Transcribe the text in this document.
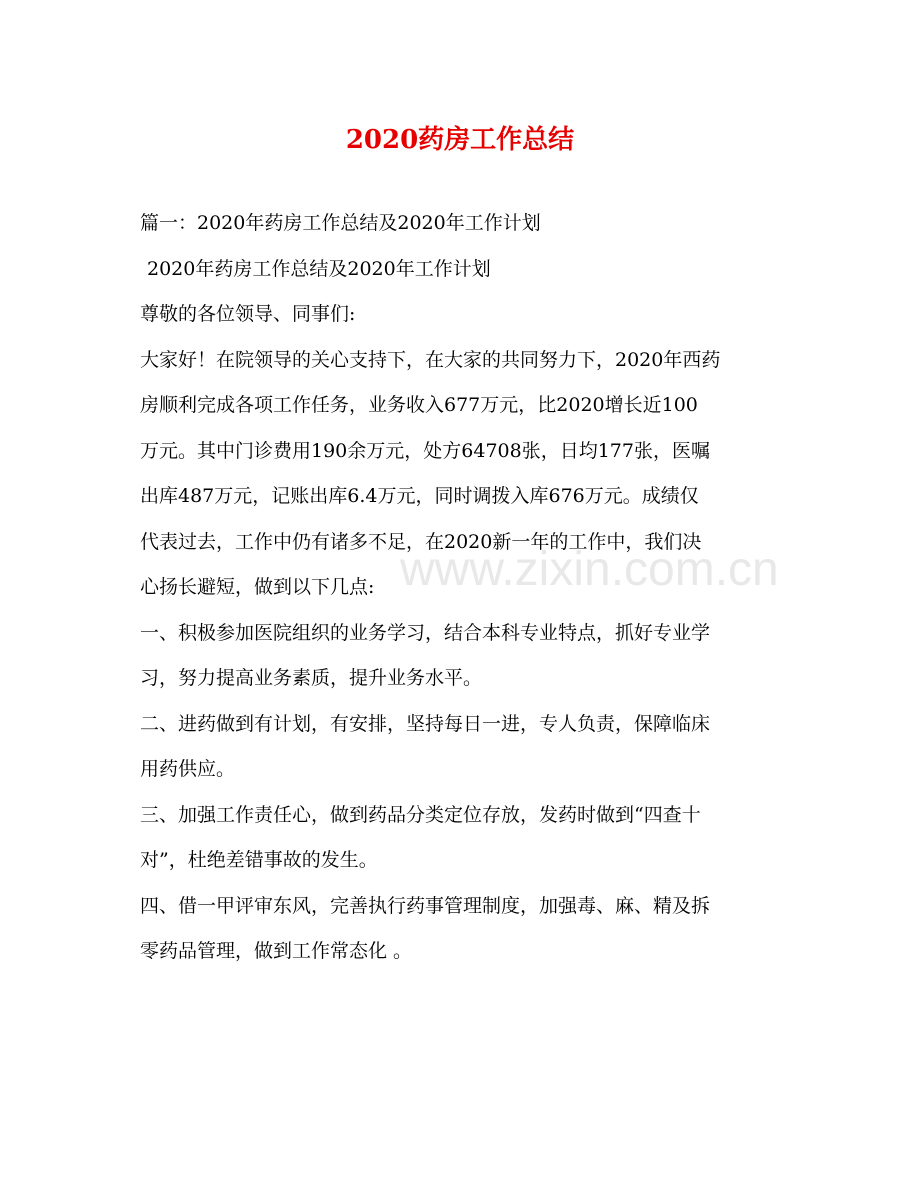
2020药房工作总结

篇一：2020年药房工作总结及2020年工作计划

2020年药房工作总结及2020年工作计划

尊敬的各位领导、同事们:

大家好！在院领导的关心支持下，在大家的共同努力下，2020年西药

房顺利完成各项工作任务，业务收入677万元，比2020增长近100

万元。其中门诊费用190余万元，处方64708张，日均177张，医嘱

出库487万元，记账出库6.4万元，同时调拨入库676万元。成绩仅

代表过去，工作中仍有诸多不足，在2020新一年的工作中，我们决

心扬长避短，做到以下几点:

一、积极参加医院组织的业务学习，结合本科专业特点，抓好专业学

习，努力提高业务素质，提升业务水平。

二、进药做到有计划，有安排，坚持每日一进，专人负责，保障临床

用药供应。

三、加强工作责任心，做到药品分类定位存放，发药时做到“四查十

对”，杜绝差错事故的发生。

四、借一甲评审东风，完善执行药事管理制度，加强毒、麻、精及拆

零药品管理，做到工作常态化 。

www.zixin.com.cn
